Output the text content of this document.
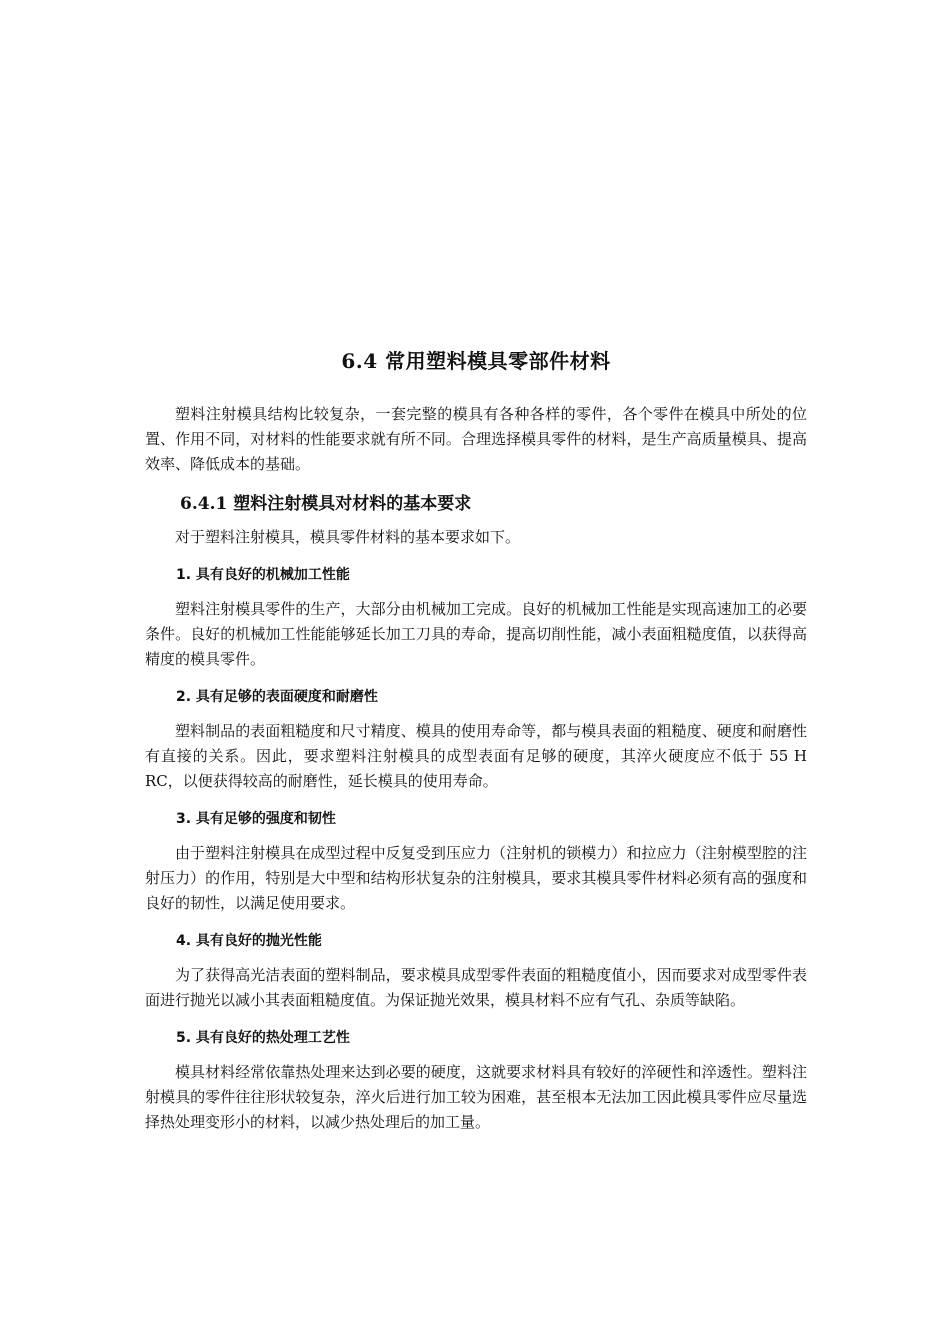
6.4 常用塑料模具零部件材料

塑料注射模具结构比较复杂，一套完整的模具有各种各样的零件，各个零件在模具中所处的位置、作用不同，对材料的性能要求就有所不同。合理选择模具零件的材料，是生产高质量模具、提高效率、降低成本的基础。

6.4.1 塑料注射模具对材料的基本要求

对于塑料注射模具，模具零件材料的基本要求如下。

1. 具有良好的机械加工性能

塑料注射模具零件的生产，大部分由机械加工完成。良好的机械加工性能是实现高速加工的必要条件。良好的机械加工性能能够延长加工刀具的寿命，提高切削性能，减小表面粗糙度值，以获得高精度的模具零件。

2. 具有足够的表面硬度和耐磨性

塑料制品的表面粗糙度和尺寸精度、模具的使用寿命等，都与模具表面的粗糙度、硬度和耐磨性有直接的关系。因此，要求塑料注射模具的成型表面有足够的硬度，其淬火硬度应不低于 55 H RC，以便获得较高的耐磨性，延长模具的使用寿命。

3. 具有足够的强度和韧性

由于塑料注射模具在成型过程中反复受到压应力（注射机的锁模力）和拉应力（注射模型腔的注射压力）的作用，特别是大中型和结构形状复杂的注射模具，要求其模具零件材料必须有高的强度和良好的韧性，以满足使用要求。

4. 具有良好的抛光性能

为了获得高光洁表面的塑料制品，要求模具成型零件表面的粗糙度值小，因而要求对成型零件表面进行抛光以减小其表面粗糙度值。为保证抛光效果，模具材料不应有气孔、杂质等缺陷。

5. 具有良好的热处理工艺性

模具材料经常依靠热处理来达到必要的硬度，这就要求材料具有较好的淬硬性和淬透性。塑料注射模具的零件往往形状较复杂，淬火后进行加工较为困难，甚至根本无法加工因此模具零件应尽量选择热处理变形小的材料，以减少热处理后的加工量。
